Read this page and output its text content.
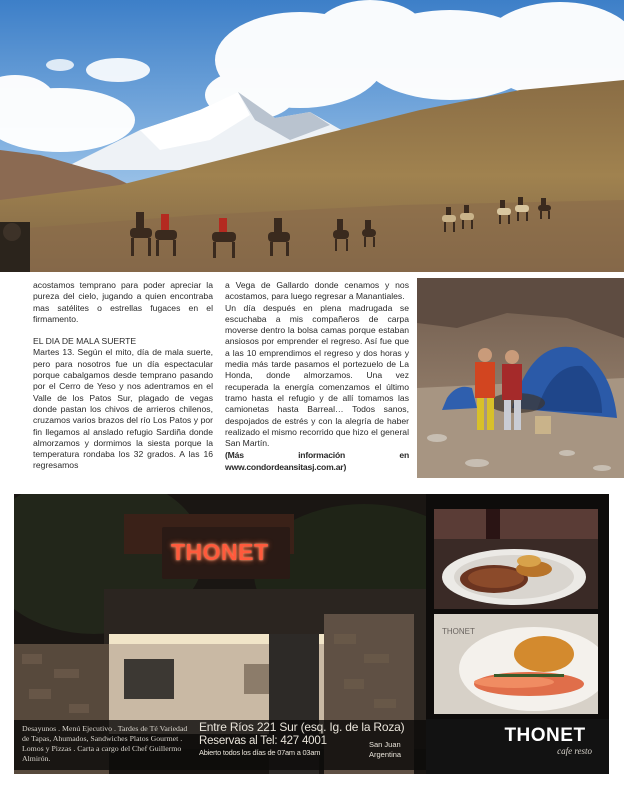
acostamos temprano para poder apreciar la pureza del cielo, jugando a quien encontraba mas satélites o estrellas fugaces en el firmamento.

EL DIA DE MALA SUERTE

Martes 13. Según el mito, día de mala suerte, pero para nosotros fue un día espectacular porque cabalgamos desde temprano pasando por el Cerro de Yeso y nos adentramos en el Valle de los Patos Sur, plagado de vegas donde pastan los chivos de arrieros chilenos, cruzamos varios brazos del río Los Patos y por fin llegamos al anslado refugio Sardiña donde almorzamos y dormimos la siesta porque la temperatura rondaba los 32 grados. A las 16 regresamos

a Vega de Gallardo donde cenamos y nos acostamos, para luego regresar a Manantiales.

Un día después en plena madrugada se escuchaba a mis compañeros de carpa moverse dentro la bolsa camas porque estaban ansiosos por emprender el regreso. Así fue que a las 10 emprendimos el regreso y dos horas y media más tarde pasamos el portezuelo de La Honda, donde almorzamos. Una vez recuperada la energía comenzamos el último tramo hasta el refugio y de allí tomamos las camionetas hasta Barreal… Todos sanos, despojados de estrés y con la alegría de haber realizado el mismo recorrido que hizo el general San Martín.

(Más información en www.condordeansitasj.com.ar)

THONET
THONET
Desayunos . Menú Ejecutivo . Tardes de Té Variedad de Tapas, Ahumados, Sandwiches Platos Gourmet . Lomos y Pizzas . Carta a cargo del Chef Guillermo Almirón.
Entre Ríos 221 Sur (esq. Ig. de la Roza)
Reservas al Tel: 427 4001
Abierto todos los días de 07am a 03am
San Juan
Argentina
THONET
cafe resto
